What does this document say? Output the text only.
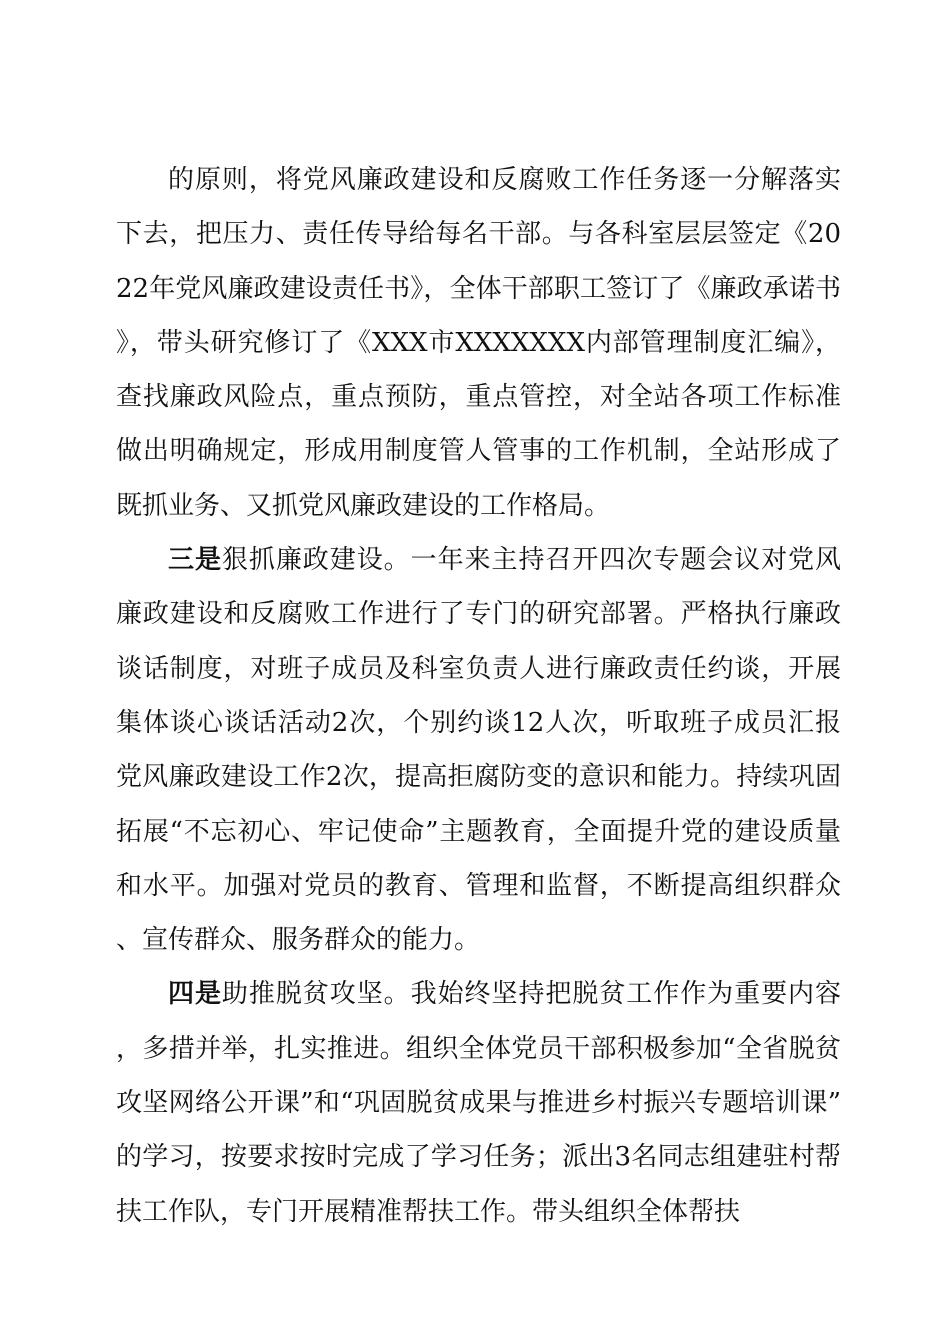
的原则，将党风廉政建设和反腐败工作任务逐一分解落实下去，把压力、责任传导给每名干部。与各科室层层签定《2022年党风廉政建设责任书》，全体干部职工签订了《廉政承诺书》，带头研究修订了《XXX市XXXXXXX内部管理制度汇编》，查找廉政风险点，重点预防，重点管控，对全站各项工作标准做出明确规定，形成用制度管人管事的工作机制，全站形成了既抓业务、又抓党风廉政建设的工作格局。

三是狠抓廉政建设。一年来主持召开四次专题会议对党风廉政建设和反腐败工作进行了专门的研究部署。严格执行廉政谈话制度，对班子成员及科室负责人进行廉政责任约谈，开展集体谈心谈话活动2次，个别约谈12人次，听取班子成员汇报党风廉政建设工作2次，提高拒腐防变的意识和能力。持续巩固拓展“不忘初心、牢记使命”主题教育，全面提升党的建设质量和水平。加强对党员的教育、管理和监督，不断提高组织群众、宣传群众、服务群众的能力。

四是助推脱贫攻坚。我始终坚持把脱贫工作作为重要内容，多措并举，扎实推进。组织全体党员干部积极参加“全省脱贫攻坚网络公开课”和“巩固脱贫成果与推进乡村振兴专题培训课”的学习，按要求按时完成了学习任务；派出3名同志组建驻村帮扶工作队，专门开展精准帮扶工作。带头组织全体帮扶
